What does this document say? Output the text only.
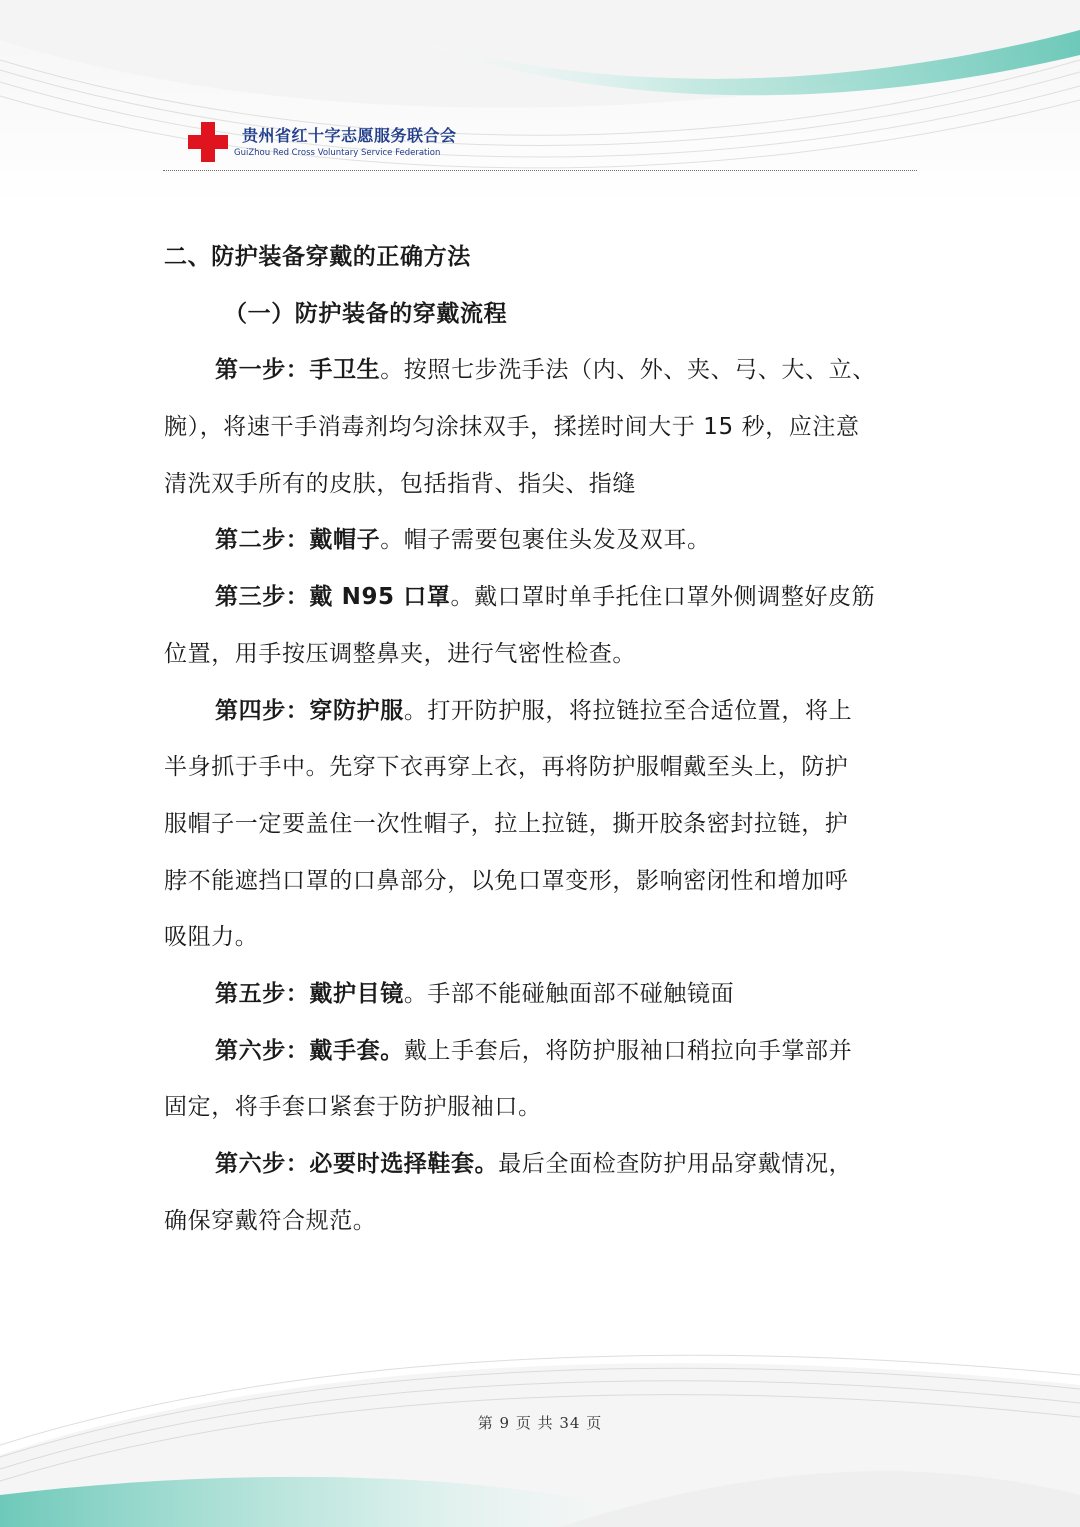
贵州省红十字志愿服务联合会
GuiZhou Red Cross Voluntary Service Federation
二、防护装备穿戴的正确方法
（一）防护装备的穿戴流程
第一步：手卫生。按照七步洗手法（内、外、夹、弓、大、立、
腕），将速干手消毒剂均匀涂抹双手，揉搓时间大于 15 秒，应注意
清洗双手所有的皮肤，包括指背、指尖、指缝
第二步：戴帽子。帽子需要包裹住头发及双耳。
第三步：戴 N95 口罩。戴口罩时单手托住口罩外侧调整好皮筋
位置，用手按压调整鼻夹，进行气密性检查。
第四步：穿防护服。打开防护服，将拉链拉至合适位置，将上
半身抓于手中。先穿下衣再穿上衣，再将防护服帽戴至头上，防护
服帽子一定要盖住一次性帽子，拉上拉链，撕开胶条密封拉链，护
脖不能遮挡口罩的口鼻部分，以免口罩变形，影响密闭性和增加呼
吸阻力。
第五步：戴护目镜。手部不能碰触面部不碰触镜面
第六步：戴手套。戴上手套后，将防护服袖口稍拉向手掌部并
固定，将手套口紧套于防护服袖口。
第六步：必要时选择鞋套。最后全面检查防护用品穿戴情况，
确保穿戴符合规范。
第 9 页 共 34 页
